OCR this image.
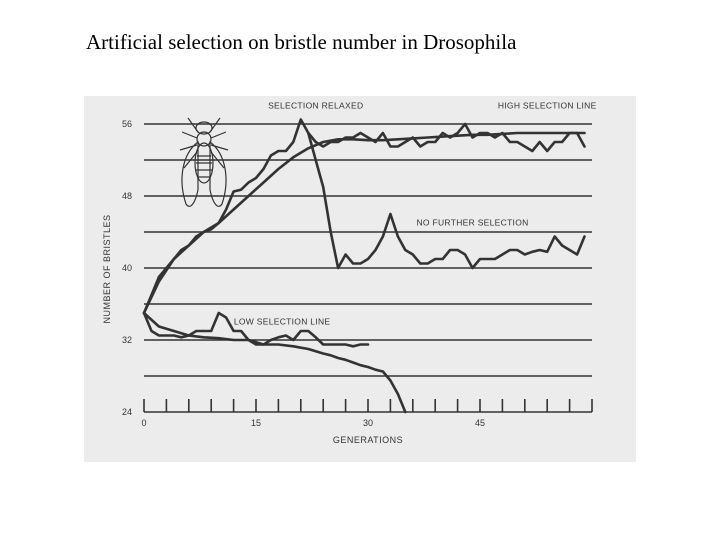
Artificial selection on bristle number in Drosophila
24
32
40
48
56
0	15	30	45
GENERATIONS
NUMBER OF BRISTLES
SELECTION RELAXED	HIGH SELECTION LINE
NO FURTHER SELECTION
LOW SELECTION LINE
